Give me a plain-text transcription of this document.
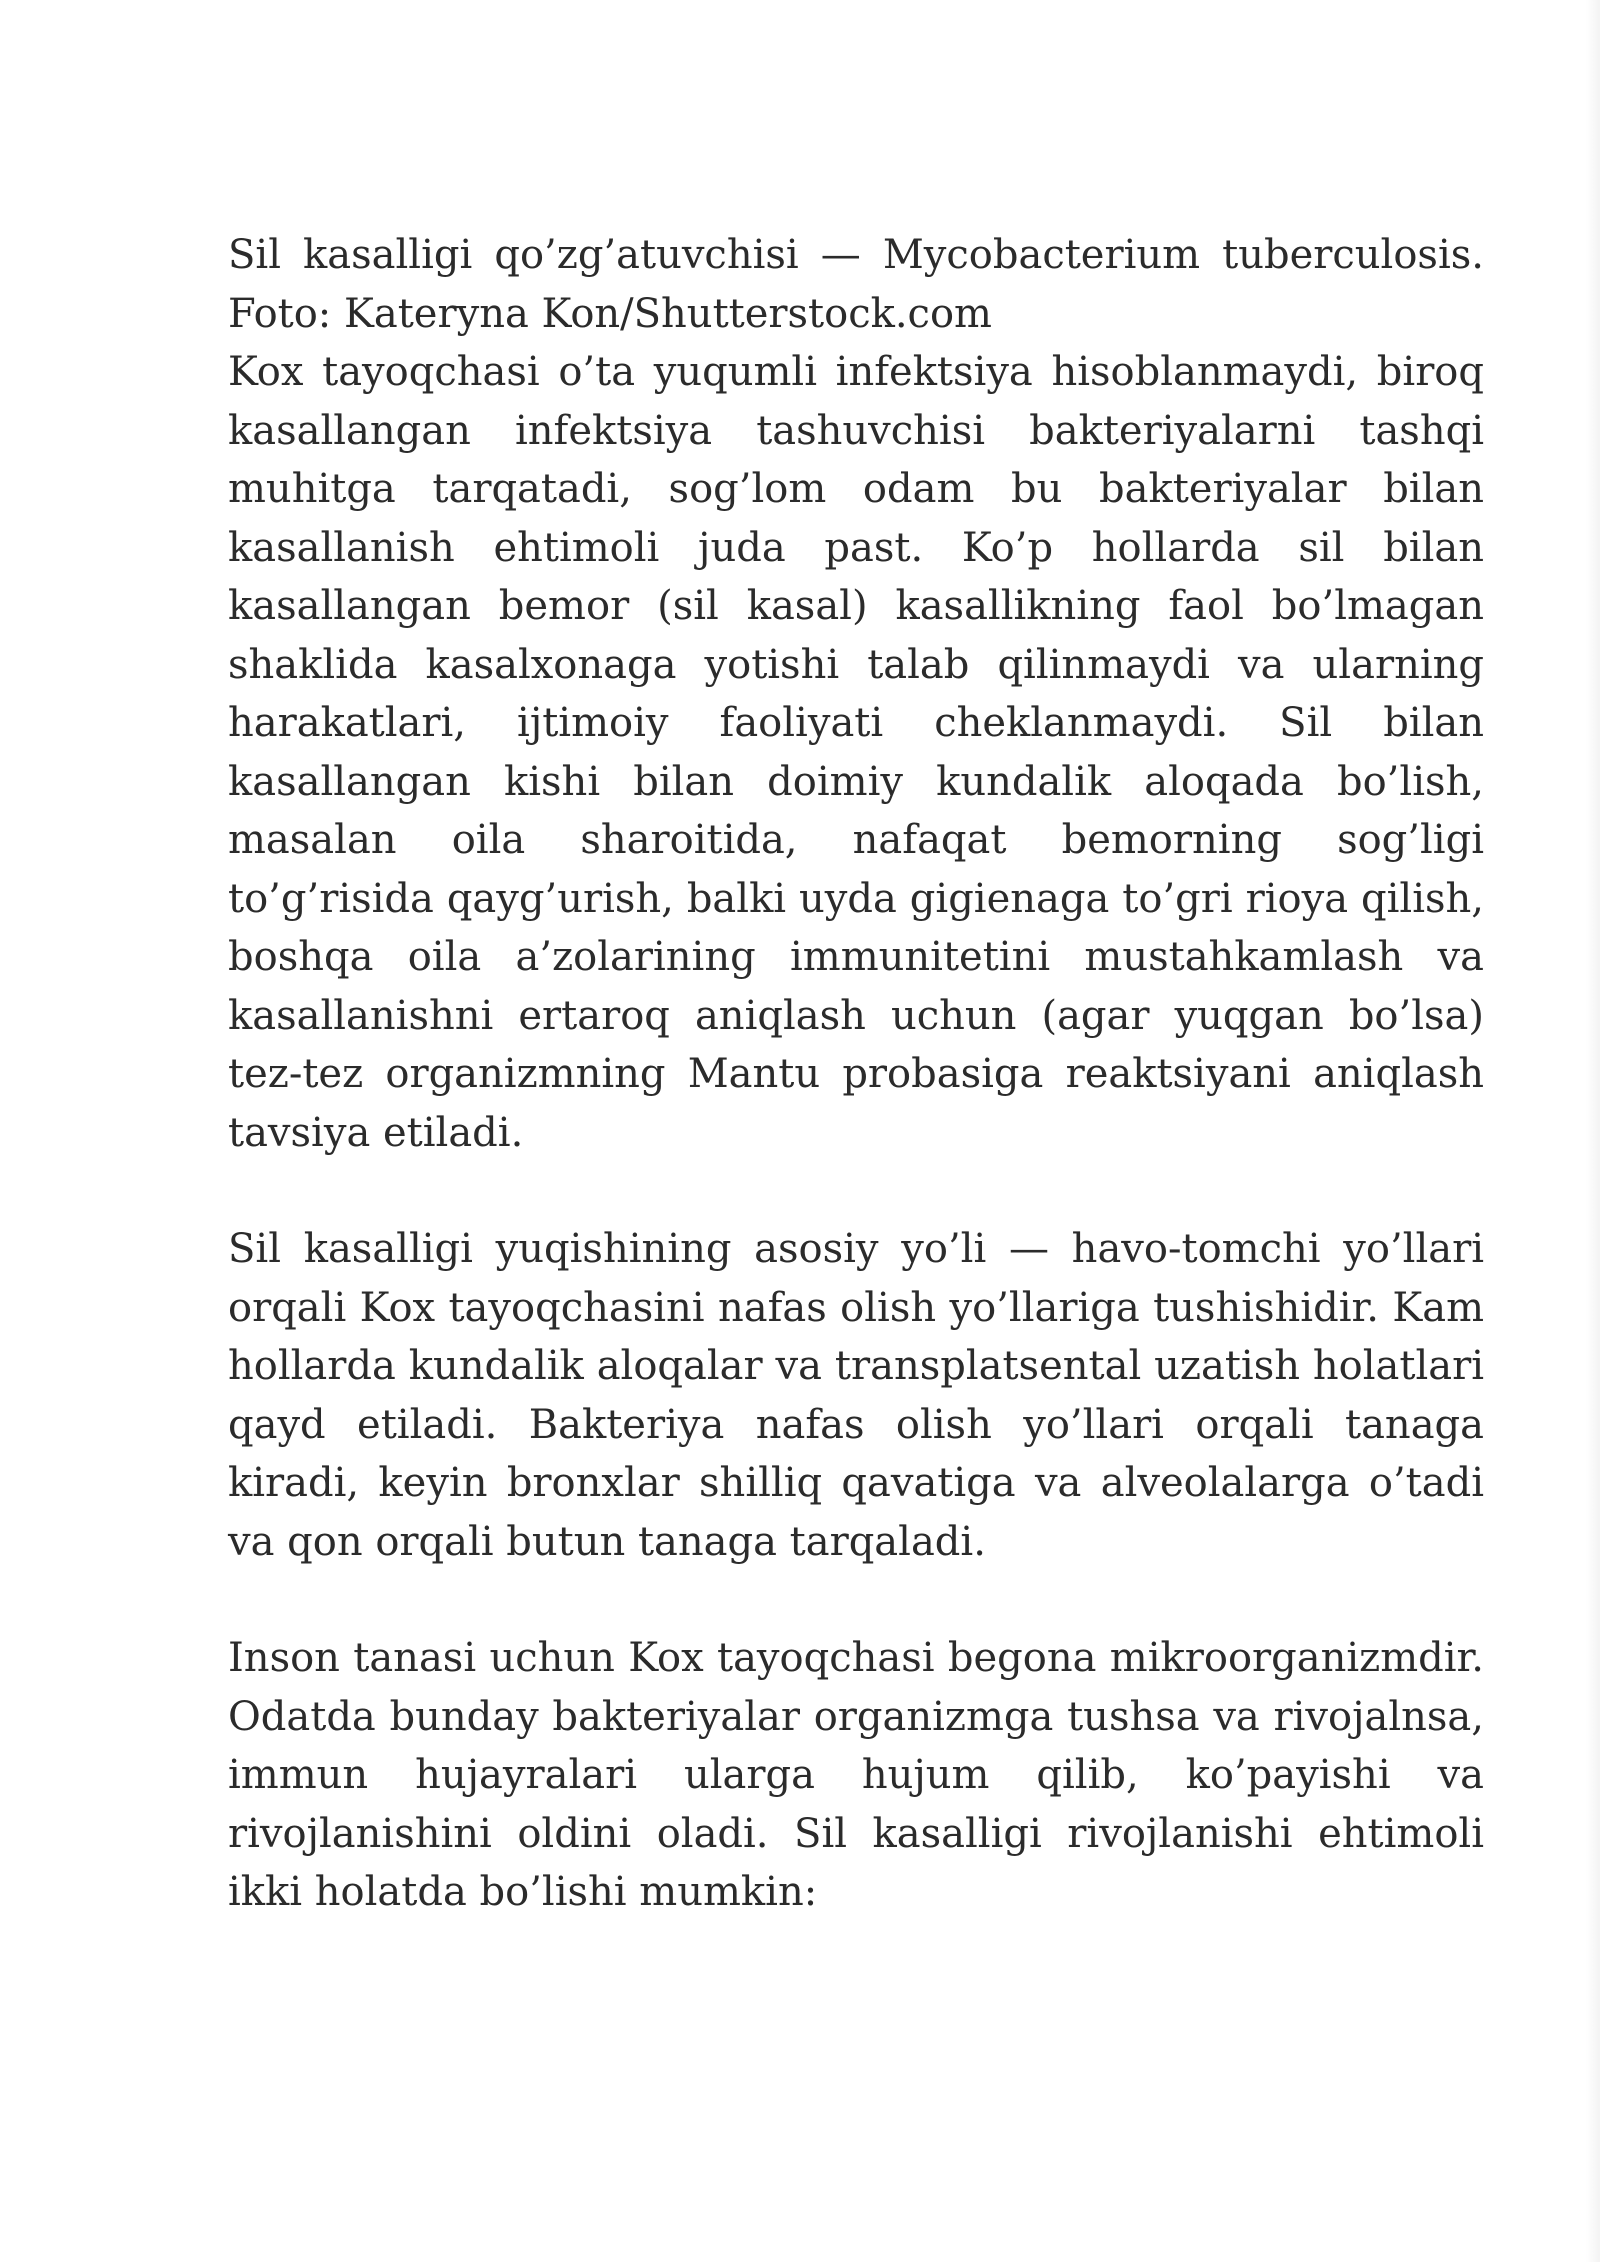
Sil kasalligi qo’zg’atuvchisi — Mycobacterium tuberculosis. Foto: Kateryna Kon/Shutterstock.com
Kox tayoqchasi o’ta yuqumli infektsiya hisoblanmaydi, biroq kasallangan infektsiya tashuvchisi bakteriyalarni tashqi muhitga tarqatadi, sog’lom odam bu bakteriyalar bilan kasallanish ehtimoli juda past. Ko’p hollarda sil bilan kasallangan bemor (sil kasal) kasallikning faol bo’lmagan shaklida kasalxonaga yotishi talab qilinmaydi va ularning harakatlari, ijtimoiy faoliyati cheklanmaydi. Sil bilan kasallangan kishi bilan doimiy kundalik aloqada bo’lish, masalan oila sharoitida, nafaqat bemorning sog’ligi to’g’risida qayg’urish, balki uyda gigienaga to’gri rioya qilish, boshqa oila a’zolarining immunitetini mustahkamlash va kasallanishni ertaroq aniqlash uchun (agar yuqgan bo’lsa) tez-tez organizmning Mantu probasiga reaktsiyani aniqlash tavsiya etiladi.

Sil kasalligi yuqishining asosiy yo’li — havo-tomchi yo’llari orqali Kox tayoqchasini nafas olish yo’llariga tushishidir. Kam hollarda kundalik aloqalar va transplatsental uzatish holatlari qayd etiladi. Bakteriya nafas olish yo’llari orqali tanaga kiradi, keyin bronxlar shilliq qavatiga va alveolalarga o’tadi va qon orqali butun tanaga tarqaladi.

Inson tanasi uchun Kox tayoqchasi begona mikroorganizmdir. Odatda bunday bakteriyalar organizmga tushsa va rivojalnsa, immun hujayralari ularga hujum qilib, ko’payishi va rivojlanishini oldini oladi. Sil kasalligi rivojlanishi ehtimoli ikki holatda bo’lishi mumkin:
